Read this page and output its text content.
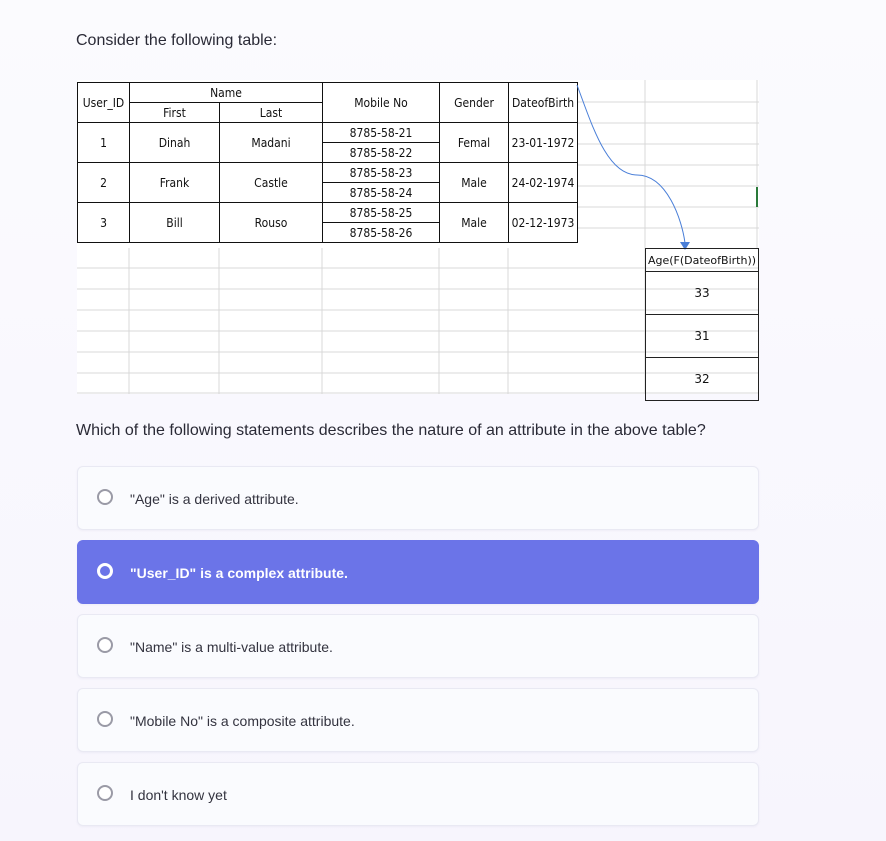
Consider the following table:
User_ID	Name		Mobile No	Gender	DateofBirth
	First	Last			
1	Dinah	Madani	8785-58-21	Femal	23-01-1972
			8785-58-22		
2	Frank	Castle	8785-58-23	Male	24-02-1974
			8785-58-24		
3	Bill	Rouso	8785-58-25	Male	02-12-1973
			8785-58-26		
Age(F(DateofBirth))
33
31
32
Which of the following statements describes the nature of an attribute in the above table?
"Age" is a derived attribute.
"User_ID" is a complex attribute.
"Name" is a multi-value attribute.
"Mobile No" is a composite attribute.
I don't know yet
